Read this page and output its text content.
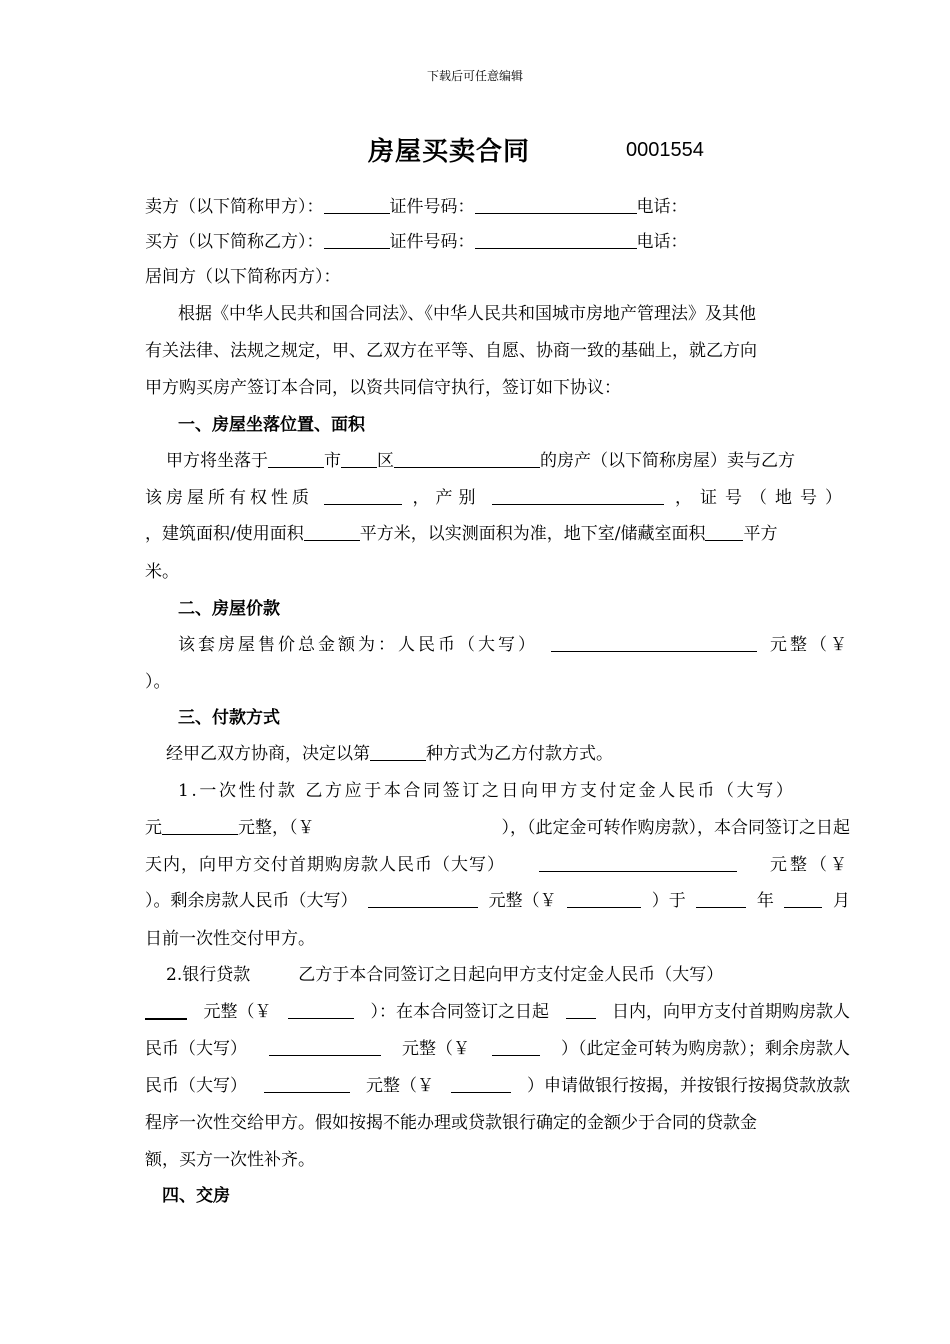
下载后可任意编辑
房屋买卖合同	0001554
卖方（以下简称甲方）：	证件号码：	电话：
买方（以下简称乙方）：	证件号码：	电话：
居间方（以下简称丙方）：
根据《中华人民共和国合同法》、《中华人民共和国城市房地产管理法》及其他
有关法律、法规之规定，甲、乙双方在平等、自愿、协商一致的基础上，就乙方向
甲方购买房产签订本合同，以资共同信守执行，签订如下协议：
一、房屋坐落位置、面积
甲方将坐落于	市 区	的房产（以下简称房屋）卖与乙方
该房屋所有权性质	，产别	，证号（地号）
，建筑面积/使用面积	平方米，以实测面积为准，地下室/储藏室面积 平方
米。
二、房屋价款
该套房屋售价总金额为：人民币（大写）	元整（￥
）。
三、付款方式
经甲乙双方协商，决定以第	种方式为乙方付款方式。
1.一次性付款 乙方应于本合同签订之日向甲方支付定金人民币（大写）
元	元整，（￥	），（此定金可转作购房款），本合同签订之日起
天内，向甲方交付首期购房款人民币（大写）	元整（￥
）。剩余房款人民币（大写）	元整（￥	）于	年	月
日前一次性交付甲方。
2.银行贷款	乙方于本合同签订之日起向甲方支付定金人民币（大写）
元整（￥	）：在本合同签订之日起	日内，向甲方支付首期购房款人
民币（大写）	元整（￥	）（此定金可转为购房款）；剩余房款人
民币（大写）	元整（￥	）申请做银行按揭，并按银行按揭贷款放款
程序一次性交给甲方。假如按揭不能办理或贷款银行确定的金额少于合同的贷款金
额，买方一次性补齐。
四、交房
